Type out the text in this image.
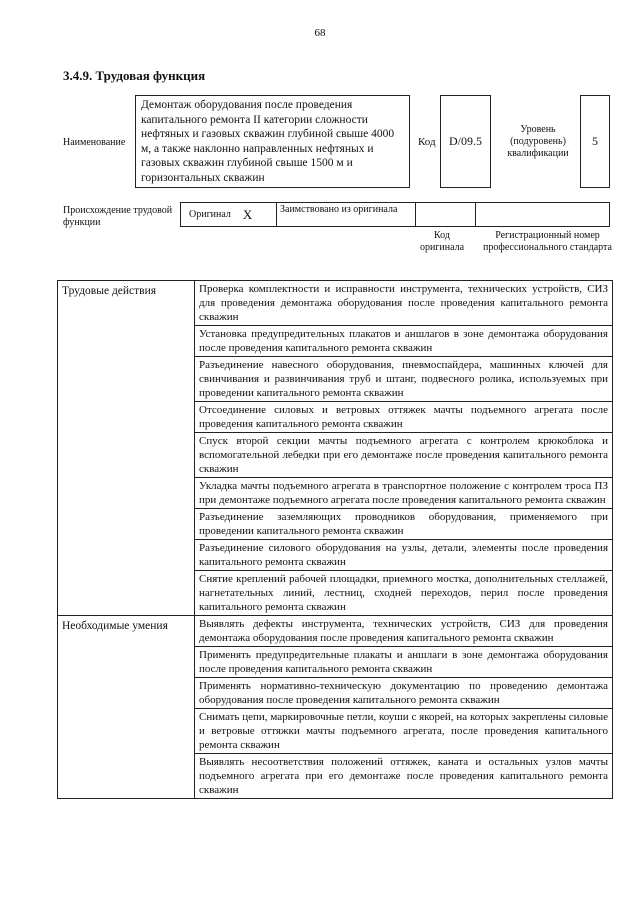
68
3.4.9. Трудовая функция
Наименование
Демонтаж оборудования после проведения капитального ремонта II категории сложности нефтяных и газовых скважин глубиной свыше 4000 м, а также наклонно направленных нефтяных и газовых скважин глубиной свыше 1500 м и горизонтальных скважин
Код	D/09.5
Уровень (подуровень) квалификации
5
Происхождение трудовой функции
Оригинал X	Заимствовано из оригинала
Код оригинала
Регистрационный номер профессионального стандарта
Трудовые действия	Проверка комплектности и исправности инструмента, технических устройств, СИЗ для проведения демонтажа оборудования после проведения капитального ремонта скважин
	Установка предупредительных плакатов и аншлагов в зоне демонтажа оборудования после проведения капитального ремонта скважин
	Разъединение навесного оборудования, пневмоспайдера, машинных ключей для свинчивания и развинчивания труб и штанг, подвесного ролика, используемых при проведении капитального ремонта скважин
	Отсоединение силовых и ветровых оттяжек мачты подъемного агрегата после проведения капитального ремонта скважин
	Спуск второй секции мачты подъемного агрегата с контролем крюкоблока и вспомогательной лебедки при его демонтаже после проведения капитального ремонта скважин
	Укладка мачты подъемного агрегата в транспортное положение с контролем троса ПЗ при демонтаже подъемного агрегата после проведения капитального ремонта скважин
	Разъединение заземляющих проводников оборудования, применяемого при проведении капитального ремонта скважин
	Разъединение силового оборудования на узлы, детали, элементы после проведения капитального ремонта скважин
	Снятие креплений рабочей площадки, приемного мостка, дополнительных стеллажей, нагнетательных линий, лестниц, сходней переходов, перил после проведения капитального ремонта скважин
Необходимые умения	Выявлять дефекты инструмента, технических устройств, СИЗ для проведения демонтажа оборудования после проведения капитального ремонта скважин
	Применять предупредительные плакаты и аншлаги в зоне демонтажа оборудования после проведения капитального ремонта скважин
	Применять нормативно-техническую документацию по проведению демонтажа оборудования после проведения капитального ремонта скважин
	Снимать цепи, маркировочные петли, коуши с якорей, на которых закреплены силовые и ветровые оттяжки мачты подъемного агрегата, после проведения капитального ремонта скважин
	Выявлять несоответствия положений оттяжек, каната и остальных узлов мачты подъемного агрегата при его демонтаже после проведения капитального ремонта скважин
